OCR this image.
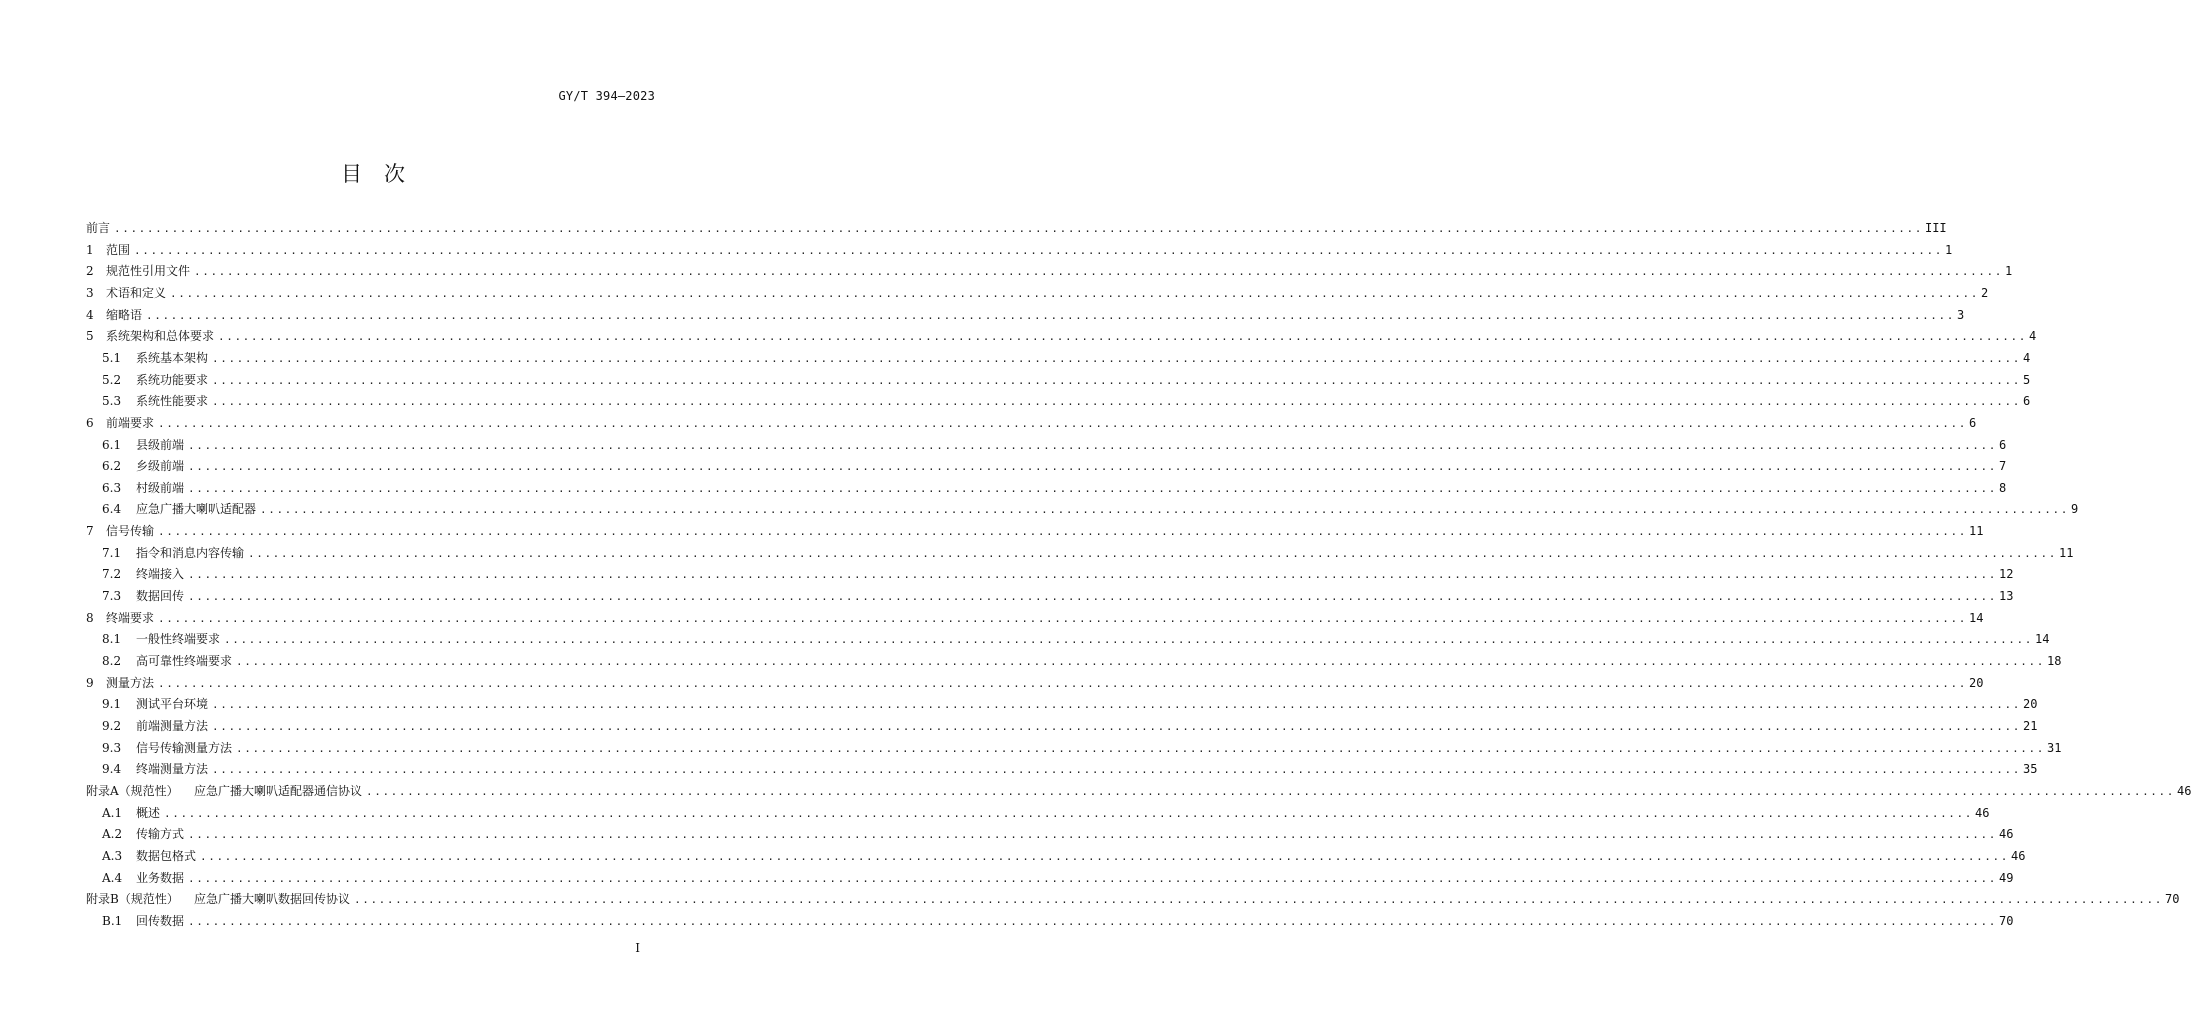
GY/T 394—2023
目次
前言 ............................................................................................................................................................................................................................ III
1	范围 ............................................................................................................................................................................................................................ 1
2	规范性引用文件 ............................................................................................................................................................................................................................ 1
3	术语和定义 ............................................................................................................................................................................................................................ 2
4	缩略语 ............................................................................................................................................................................................................................ 3
5	系统架构和总体要求 ............................................................................................................................................................................................................................ 4
5.1	系统基本架构 ............................................................................................................................................................................................................................ 4
5.2	系统功能要求 ............................................................................................................................................................................................................................ 5
5.3	系统性能要求 ............................................................................................................................................................................................................................ 6
6	前端要求 ............................................................................................................................................................................................................................ 6
6.1	县级前端 ............................................................................................................................................................................................................................ 6
6.2	乡级前端 ............................................................................................................................................................................................................................ 7
6.3	村级前端 ............................................................................................................................................................................................................................ 8
6.4	应急广播大喇叭适配器 ............................................................................................................................................................................................................................ 9
7	信号传输 ............................................................................................................................................................................................................................ 11
7.1	指令和消息内容传输 ............................................................................................................................................................................................................................ 11
7.2	终端接入 ............................................................................................................................................................................................................................ 12
7.3	数据回传 ............................................................................................................................................................................................................................ 13
8	终端要求 ............................................................................................................................................................................................................................ 14
8.1	一般性终端要求 ............................................................................................................................................................................................................................ 14
8.2	高可靠性终端要求 ............................................................................................................................................................................................................................ 18
9	测量方法 ............................................................................................................................................................................................................................ 20
9.1	测试平台环境 ............................................................................................................................................................................................................................ 20
9.2	前端测量方法 ............................................................................................................................................................................................................................ 21
9.3	信号传输测量方法 ............................................................................................................................................................................................................................ 31
9.4	终端测量方法 ............................................................................................................................................................................................................................ 35
附录A（规范性）	应急广播大喇叭适配器通信协议 ............................................................................................................................................................................................................................ 46
A.1	概述 ............................................................................................................................................................................................................................ 46
A.2	传输方式 ............................................................................................................................................................................................................................ 46
A.3	数据包格式 ............................................................................................................................................................................................................................ 46
A.4	业务数据 ............................................................................................................................................................................................................................ 49
附录B（规范性）	应急广播大喇叭数据回传协议 ............................................................................................................................................................................................................................ 70
B.1	回传数据 ............................................................................................................................................................................................................................ 70
I
